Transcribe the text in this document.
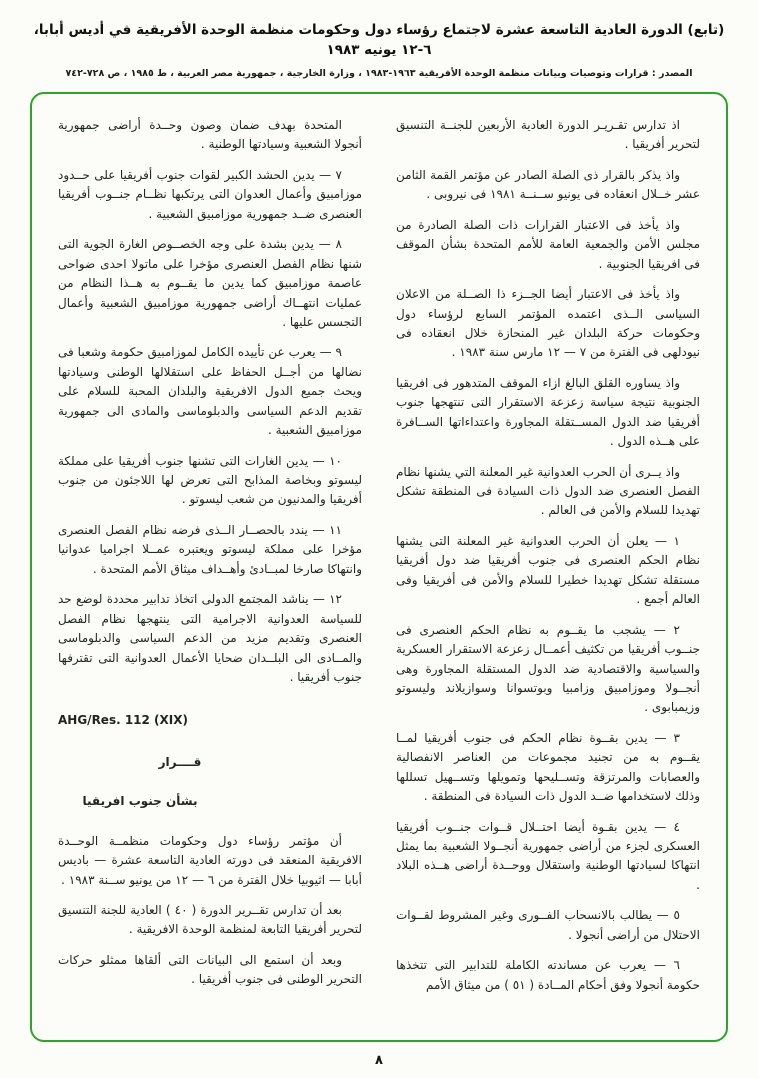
(تابع) الدورة العادية التاسعة عشرة لاجتماع رؤساء دول وحكومات منظمة الوحدة الأفريقية في أديس أبابا، ٦-١٢ يونيه ١٩٨٣
المصدر : قرارات وتوصيات وبيانات منظمة الوحدة الأفريقية ١٩٦٣-١٩٨٣ ، وزارة الخارجية ، جمهورية مصر العربية ، ط ١٩٨٥ ، ص ٧٢٨-٧٤٢

اذ تدارس تقـريـر الدورة العادية الأربعين للجنــة التنسيق لتحرير أفريقيا .

واذ يذكر بالقرار ذى الصلة الصادر عن مؤتمر القمة الثامن عشر خــلال انعقاده فى يونيو ســنــة ١٩٨١ فى نيروبى .

واذ يأخذ فى الاعتبار القرارات ذات الصلة الصادرة من مجلس الأمن والجمعية العامة للأمم المتحدة بشأن الموقف فى افريقيا الجنوبية .

واذ يأخذ فى الاعتبار أيضا الجــزء ذا الصــلة من الاعلان السياسى الــذى اعتمده المؤتمر السابع لرؤساء دول وحكومات حركة البلدان غير المنحازة خلال انعقاده فى نيودلهى فى الفترة من ٧ — ١٢ مارس سنة ١٩٨٣ .

واذ يساوره القلق البالغ ازاء الموقف المتدهور فى افريقيا الجنوبية نتيجة سياسة زعزعة الاستقرار التى تنتهجها جنوب أفريقيا ضد الدول المســتقلة المجاورة واعتداءاتها الســافرة على هــذه الدول .

واذ يــرى أن الحرب العدوانية غير المعلنة التي يشنها نظام الفصل العنصرى ضد الدول ذات السيادة فى المنطقة تشكل تهديدا للسلام والأمن فى العالم .

١ — يعلن أن الحرب العدوانية غير المعلنة التى يشنها نظام الحكم العنصرى فى جنوب أفريقيا ضد دول أفريقيا مستقلة تشكل تهديدا خطيرا للسلام والأمن فى أفريقيا وفى العالم أجمع .

٢ — يشجب ما يقــوم به نظام الحكم العنصرى فى جنــوب أفريقيا من تكثيف أعمــال زعزعة الاستقرار العسكرية والسياسية والاقتصادية ضد الدول المستقلة المجاورة وهى أنجــولا وموزامبيق وزامبيا وبوتسوانا وسوازيلاند وليسوتو وزيمبابوى .

٣ — يدين بقــوة نظام الحكم فى جنوب أفريقيا لمــا يقــوم به من تجنيد مجموعات من العناصر الانفصالية والعصابات والمرتزقة وتســليحها وتمويلها وتســهيل تسللها وذلك لاستخدامها ضــد الدول ذات السيادة فى المنطقة .

٤ — يدين بقـوة أيضا احتــلال قــوات جنــوب أفريقيا العسكرى لجزء من أراضى جمهورية أنجــولا الشعبية بما يمثل انتهاكا لسيادتها الوطنية واستقلال ووحــدة أراضى هــذه البلاد .

٥ — يطالب بالانسحاب الفــورى وغير المشروط لقــوات الاحتلال من أراضى أنجولا .

٦ — يعرب عن مساندته الكاملة للتدابير التى تتخذها حكومة أنجولا وفق أحكام المــادة ( ٥١ ) من ميثاق الأمم

المتحدة بهدف ضمان وصون وحــدة أراضى جمهورية أنجولا الشعبية وسيادتها الوطنية .

٧ — يدين الحشد الكبير لقوات جنوب أفريقيا على حــدود موزامبيق وأعمال العدوان التى يرتكبها نظــام جنــوب أفريقيا العنصرى ضــد جمهورية موزامبيق الشعبية .

٨ — يدين بشدة على وجه الخصــوص الغارة الجوية التى شنها نظام الفصل العنصرى مؤخرا على ماتولا احدى ضواحى عاصمة موزامبيق كما يدين ما يقــوم به هــذا النظام من عمليات انتهــاك أراضى جمهورية موزامبيق الشعبية وأعمال التجسس عليها .

٩ — يعرب عن تأييده الكامل لموزامبيق حكومة وشعبا فى نضالها من أجــل الحفاظ على استقلالها الوطنى وسيادتها ويحث جميع الدول الافريقية والبلدان المحبة للسلام على تقديم الدعم السياسى والدبلوماسى والمادى الى جمهورية موزامبيق الشعبية .

١٠ — يدين الغارات التى تشنها جنوب أفريقيا على مملكة ليسوتو وبخاصة المذابح التى تعرض لها اللاجئون من جنوب أفريقيا والمدنيون من شعب ليسوتو .

١١ — يندد بالحصــار الــذى فرضه نظام الفصل العنصرى مؤخرا على مملكة ليسوتو ويعتبره عمــلا اجراميا عدوانيا وانتهاكا صارخا لمبــادئ وأهــداف ميثاق الأمم المتحدة .

١٢ — يناشد المجتمع الدولى اتخاذ تدابير محددة لوضع حد للسياسة العدوانية الاجرامية التى ينتهجها نظام الفصل العنصرى وتقديم مزيد من الدعم السياسى والدبلوماسى والمــادى الى البلــدان ضحايا الأعمال العدوانية التى تقترفها جنوب أفريقيا .

AHG/Res. 112 (XIX)

قــــرار

بشأن جنوب افريقيا

أن مؤتمر رؤساء دول وحكومات منظمــة الوحــدة الافريقية المنعقد فى دورته العادية التاسعة عشرة — باديس أبابا — اثيوبيا خلال الفترة من ٦ — ١٢ من يونيو ســنة ١٩٨٣ .

بعد أن تدارس تقــرير الدورة ( ٤٠ ) العادية للجنة التنسيق لتحرير أفريقيا التابعة لمنظمة الوحدة الافريقية .

وبعد أن استمع الى البيانات التى ألقاها ممثلو حركات التحرير الوطنى فى جنوب أفريقيا .

٨
